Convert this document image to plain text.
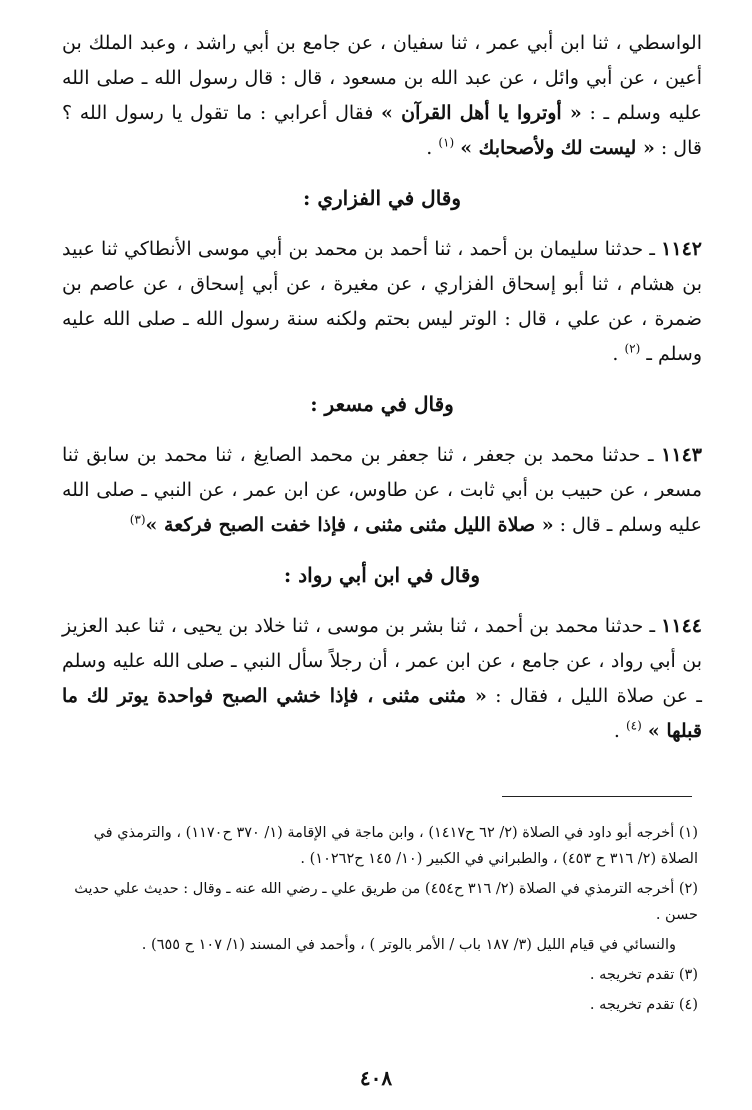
الواسطي ، ثنا ابن أبي عمر ، ثنا سفيان ، عن جامع بن أبي راشد ، وعبد الملك بن أعين ، عن أبي وائل ، عن عبد الله بن مسعود ، قال : قال رسول الله ـ صلى الله عليه وسلم ـ : « أوتروا يا أهل القرآن » فقال أعرابي : ما تقول يا رسول الله ؟ قال : « ليست لك ولأصحابك » $^{(١)}$ .

وقال في الفزاري :

١١٤٢ ـ حدثنا سليمان بن أحمد ، ثنا أحمد بن محمد بن أبي موسى الأنطاكي ثنا عبيد بن هشام ، ثنا أبو إسحاق الفزاري ، عن مغيرة ، عن أبي إسحاق ، عن عاصم بن ضمرة ، عن علي ، قال : الوتر ليس بحتم ولكنه سنة رسول الله ـ صلى الله عليه وسلم ـ $^{(٢)}$ .

وقال في مسعر :

١١٤٣ ـ حدثنا محمد بن جعفر ، ثنا جعفر بن محمد الصايغ ، ثنا محمد بن سابق ثنا مسعر ، عن حبيب بن أبي ثابت ، عن طاوس، عن ابن عمر ، عن النبي ـ صلى الله عليه وسلم ـ قال : « صلاة الليل مثنى مثنى ، فإذا خفت الصبح فركعة »$^{(٣)}$

وقال في ابن أبي رواد :

١١٤٤ ـ حدثنا محمد بن أحمد ، ثنا بشر بن موسى ، ثنا خلاد بن يحيى ، ثنا عبد العزيز بن أبي رواد ، عن جامع ، عن ابن عمر ، أن رجلاً سأل النبي ـ صلى الله عليه وسلم ـ عن صلاة الليل ، فقال : « مثنى مثنى ، فإذا خشي الصبح فواحدة يوتر لك ما قبلها » $^{(٤)}$ .

(١) أخرجه أبو داود في الصلاة (٢/ ٦٢ ح١٤١٧) ، وابن ماجة في الإقامة (١/ ٣٧٠ ح١١٧٠) ، والترمذي في الصلاة (٢/ ٣١٦ ح ٤٥٣) ، والطبراني في الكبير (١٠/ ١٤٥ ح١٠٢٦٢) .

(٢) أخرجه الترمذي في الصلاة (٢/ ٣١٦ ح٤٥٤) من طريق علي ـ رضي الله عنه ـ وقال : حديث علي حديث حسن .

والنسائي في قيام الليل (٣/ ١٨٧ باب / الأمر بالوتر ) ، وأحمد في المسند (١/ ١٠٧ ح ٦٥٥) .

(٣) تقدم تخريجه .

(٤) تقدم تخريجه .

٤٠٨
